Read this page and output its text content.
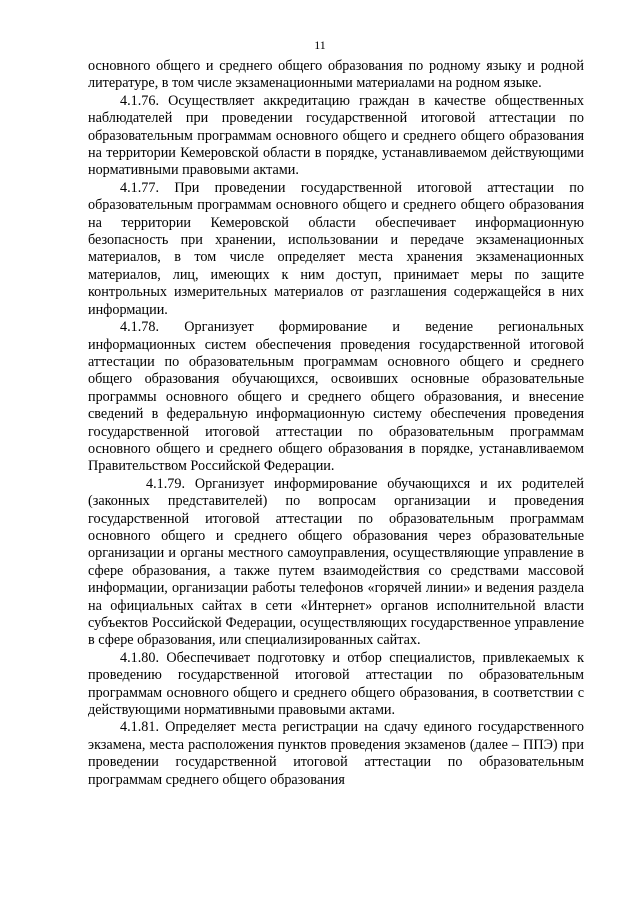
11

основного общего и среднего общего образования по родному языку и родной литературе, в том числе экзаменационными материалами на родном языке.

4.1.76. Осуществляет аккредитацию граждан в качестве общественных наблюдателей при проведении государственной итоговой аттестации по образовательным программам основного общего и среднего общего образования на территории Кемеровской области в порядке, устанавливаемом действующими нормативными правовыми актами.

4.1.77. При проведении государственной итоговой аттестации по образовательным программам основного общего и среднего общего образования на территории Кемеровской области обеспечивает информационную безопасность при хранении, использовании и передаче экзаменационных материалов, в том числе определяет места хранения экзаменационных материалов, лиц, имеющих к ним доступ, принимает меры по защите контрольных измерительных материалов от разглашения содержащейся в них информации.

4.1.78. Организует формирование и ведение региональных информационных систем обеспечения проведения государственной итоговой аттестации по образовательным программам основного общего и среднего общего образования обучающихся, освоивших основные образовательные программы основного общего и среднего общего образования, и внесение сведений в федеральную информационную систему обеспечения проведения государственной итоговой аттестации по образовательным программам основного общего и среднего общего образования в порядке, устанавливаемом Правительством Российской Федерации.

4.1.79. Организует информирование обучающихся и их родителей (законных представителей) по вопросам организации и проведения государственной итоговой аттестации по образовательным программам основного общего и среднего общего образования через образовательные организации и органы местного самоуправления, осуществляющие управление в сфере образования, а также путем взаимодействия со средствами массовой информации, организации работы телефонов «горячей линии» и ведения раздела на официальных сайтах в сети «Интернет» органов исполнительной власти субъектов Российской Федерации, осуществляющих государственное управление в сфере образования, или специализированных сайтах.

4.1.80. Обеспечивает подготовку и отбор специалистов, привлекаемых к проведению государственной итоговой аттестации по образовательным программам основного общего и среднего общего образования, в соответствии с действующими нормативными правовыми актами.

4.1.81. Определяет места регистрации на сдачу единого государственного экзамена, места расположения пунктов проведения экзаменов (далее – ППЭ) при проведении государственной итоговой аттестации по образовательным программам среднего общего образования
